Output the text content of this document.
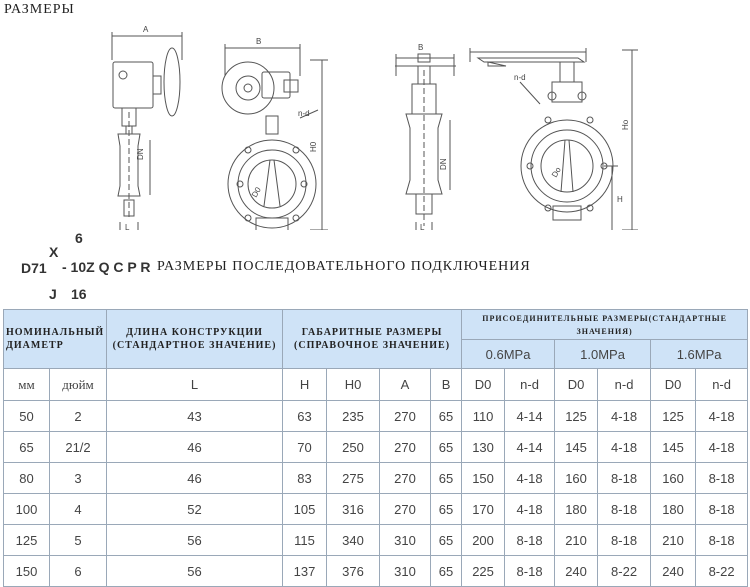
РАЗМЕРЫ
A
DN
L
B
n-d
H0
D0
B
DN
L
n-d
Ho
H
Do
6
X
D71 - 10Z Q C P R РАЗМЕРЫ ПОСЛЕДОВАТЕЛЬНОГО ПОДКЛЮЧЕНИЯ
J 16
НОМИНАЛЬНЫЙ ДИАМЕТР		ДЛИНА КОНСТРУКЦИИ (СТАНДАРТНОЕ ЗНАЧЕНИЕ)	ГАБАРИТНЫЕ РАЗМЕРЫ (СПРАВОЧНОЕ ЗНАЧЕНИЕ)				ПРИСОЕДИНИТЕЛЬНЫЕ РАЗМЕРЫ(СТАНДАРТНЫЕ ЗНАЧЕНИЯ)					
							0.6MPa		1.0MPa		1.6MPa	
мм	дюйм	L	H	H0	A	B	D0	n-d	D0	n-d	D0	n-d
50	2	43	63	235	270	65	110	4-14	125	4-18	125	4-18
65	21/2	46	70	250	270	65	130	4-14	145	4-18	145	4-18
80	3	46	83	275	270	65	150	4-18	160	8-18	160	8-18
100	4	52	105	316	270	65	170	4-18	180	8-18	180	8-18
125	5	56	115	340	310	65	200	8-18	210	8-18	210	8-18
150	6	56	137	376	310	65	225	8-18	240	8-22	240	8-22
